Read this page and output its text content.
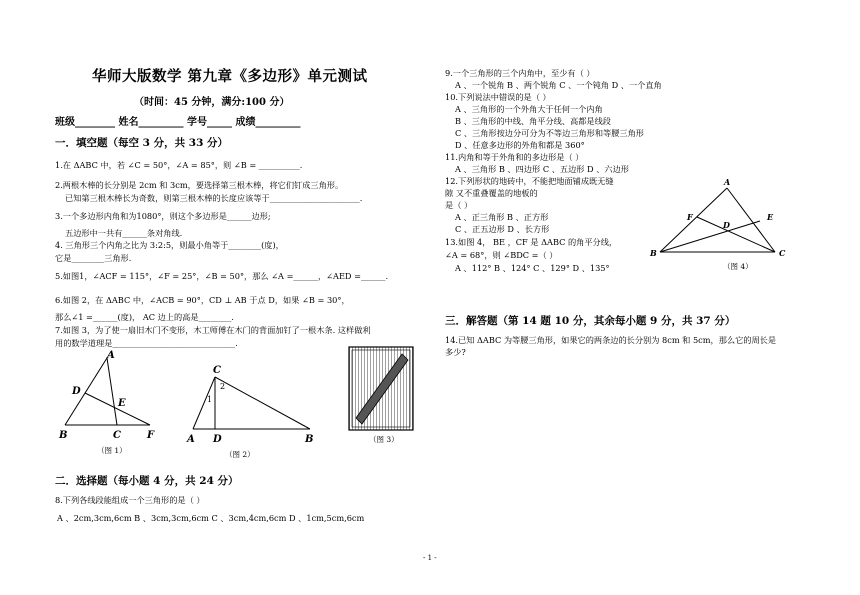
华师大版数学 第九章《多边形》单元测试
（时间：45 分钟，满分:100 分）
班级________ 姓名_________ 学号_____ 成绩_________
一．填空题（每空 3 分，共 33 分）
1.在 ΔABC 中，若 ∠C = 50°，∠A = 85°，则 ∠B = __________.
2.两根木棒的长分别是 2cm 和 3cm，要选择第三根木棒，将它们钉成三角形。
已知第三根木棒长为奇数，则第三根木棒的长度应该等于______________________.
3.一个多边形内角和为1080°，则这个多边形是______边形;
五边形中一共有______条对角线.
4. 三角形三个内角之比为 3:2:5，则最小角等于________(度)，
它是________三角形.
5.如图1，∠ACF = 115°，∠F = 25°，∠B = 50°，那么 ∠A =______，∠AED =______.
6.如图 2，在 ΔABC 中，∠ACB = 90°，CD ⊥ AB 于点 D，如果 ∠B = 30°，
那么∠1 =______(度)， AC 边上的高是________.
7.如图 3，为了使一扇旧木门不变形，木工师傅在木门的背面加钉了一根木条. 这样做利
用的数学道理是______________________________.
A
D
E
B	C	F
（图 1）
C
2
1
A D	B
（图 2）
（图 3）
二．选择题（每小题 4 分，共 24 分）
8.下列各线段能组成一个三角形的是（ ）
A 、2cm,3cm,6cm B 、3cm,3cm,6cm C 、3cm,4cm,6cm D 、1cm,5cm,6cm
9.一个三角形的三个内角中，至少有（ ）
A 、一个锐角 B 、两个锐角 C 、一个钝角 D 、一个直角
10.下列说法中错误的是（ ）
A 、三角形的一个外角大于任何一个内角
B 、三角形的中线、角平分线、高都是线段
C 、三角形按边分可分为不等边三角形和等腰三角形
D 、任意多边形的外角和都是 360°
11.内角和等于外角和的多边形是（ ）
A 、三角形 B 、四边形 C 、五边形 D 、六边形
12.下列形状的地砖中，不能把地面铺成既无缝
隙 又不重叠覆盖的地板的
是（ ）
A 、正三角形 B 、正方形
C 、正五边形 D 、长方形
13.如图 4， BE ，CF 是 ΔABC 的角平分线，
∠A = 68°，则 ∠BDC =（ ）
A 、112° B 、124° C 、129° D 、135°
A
F	E
D
B	C
（图 4）
三．解答题（第 14 题 10 分，其余每小题 9 分，共 37 分）
14.已知 ΔABC 为等腰三角形，如果它的两条边的长分别为 8cm 和 5cm，那么它的周长是
多少?
- 1 -
